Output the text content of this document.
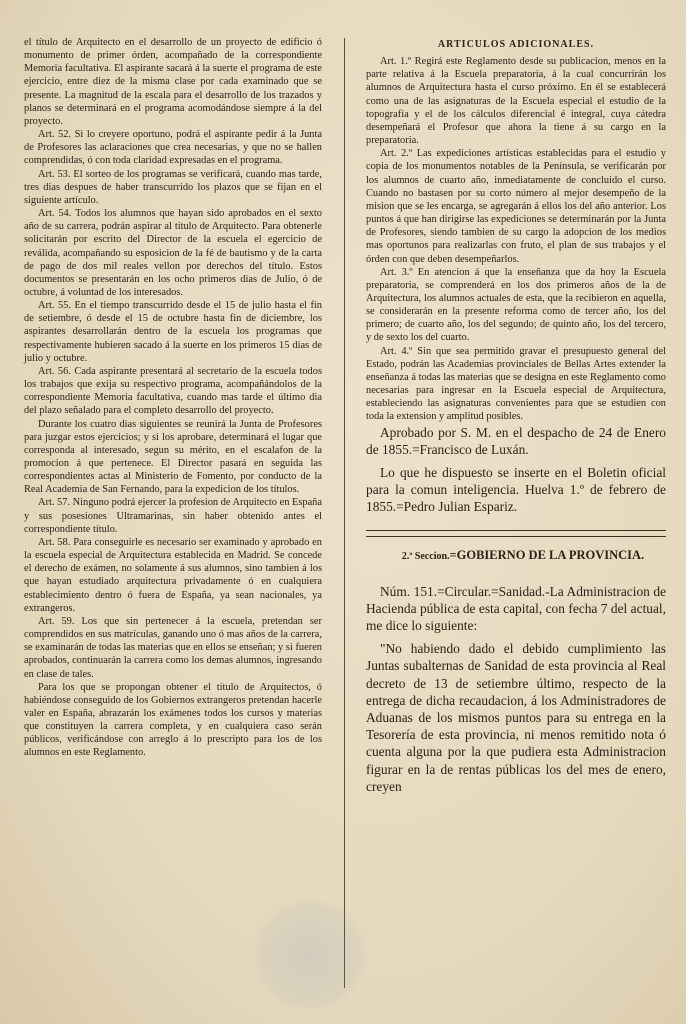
el título de Arquitecto en el desarrollo de un proyecto de edificio ó monumento de primer órden, acompañado de la correspondiente Memoria facultativa. El aspirante sacará á la suerte el programa de este ejercicio, entre diez de la misma clase por cada examinado que se presente. La magnitud de la escala para el desarrollo de los trazados y planos se determinará en el programa acomodándose siempre á la del proyecto.

Art. 52. Si lo creyere oportuno, podrá el aspirante pedir á la Junta de Profesores las aclaraciones que crea necesarias, y que no se hallen comprendidas, ó con toda claridad expresadas en el programa.

Art. 53. El sorteo de los programas se verificará, cuando mas tarde, tres dias despues de haber transcurrido los plazos que se fijan en el siguiente artículo.

Art. 54. Todos los alumnos que hayan sido aprobados en el sexto año de su carrera, podrán aspirar al título de Arquitecto. Para obtenerle solicitarán por escrito del Director de la escuela el egercicio de reválida, acompañando su esposicion de la fé de bautismo y de la carta de pago de dos mil reales vellon por derechos del título. Estos documentos se presentarán en los ocho primeros dias de Julio, ó de octubre, á voluntad de los interesados.

Art. 55. En el tiempo transcurrido desde el 15 de julio hasta el fin de setiembre, ó desde el 15 de octubre hasta fin de diciembre, los aspirantes desarrollarán dentro de la escuela los programas que respectivamente hubieren sacado á la suerte en los primeros 15 dias de julio y octubre.

Art. 56. Cada aspirante presentará al secretario de la escuela todos los trabajos que exija su respectivo programa, acompañándolos de la correspondiente Memoria facultativa, cuando mas tarde el último dia del plazo señalado para el completo desarrollo del proyecto.

Durante los cuatro dias siguientes se reunirá la Junta de Profesores para juzgar estos ejercicios; y si los aprobare, determinará el lugar que corresponda al interesado, segun su mérito, en el escalafon de la promocion á que pertenece. El Director pasará en seguida las correspondientes actas al Ministerio de Fomento, por conducto de la Real Academia de San Fernando, para la expedicion de los títulos.

Art. 57. Ninguno podrá ejercer la profesion de Arquitecto en España y sus posesiones Ultramarinas, sin haber obtenido antes el correspondiente título.

Art. 58. Para conseguirle es necesario ser examinado y aprobado en la escuela especial de Arquitectura establecida en Madrid. Se concede el derecho de exámen, no solamente á sus alumnos, sino tambien á los que hayan estudiado arquitectura privadamente ó en cualquiera establecimiento dentro ó fuera de España, ya sean nacionales, ya extrangeros.

Art. 59. Los que sin pertenecer á la escuela, pretendan ser comprendidos en sus matrículas, ganando uno ó mas años de la carrera, se examinarán de todas las materias que en ellos se enseñan; y si fueren aprobados, continuarán la carrera como los demas alumnos, ingresando en clase de tales.

Para los que se propongan obtener el título de Arquitectos, ó habiéndose conseguido de los Gobiernos extrangeros pretendan hacerle valer en España, abrazarán los exámenes todos los cursos y materias que constituyen la carrera completa, y en cualquiera caso serán públicos, verificándose con arreglo á lo prescripto para los de los alumnos en este Reglamento.

ARTICULOS ADICIONALES.

Art. 1.º Regirá este Reglamento desde su publicacion, menos en la parte relativa á la Escuela preparatoria, á la cual concurrirán los alumnos de Arquitectura hasta el curso próximo. En él se establecerá como una de las asignaturas de la Escuela especial el estudio de la topografía y el de los cálculos diferencial é integral, cuya cátedra desempeñará el Profesor que ahora la tiene á su cargo en la preparatoria.

Art. 2.º Las expediciones artísticas establecidas para el estudio y copia de los monumentos notables de la Península, se verificarán por los alumnos de cuarto año, inmediatamente de concluido el curso. Cuando no bastasen por su corto número al mejor desempeño de la mision que se les encarga, se agregarán á ellos los del año anterior. Los puntos á que han dirigirse las expediciones se determinarán por la Junta de Profesores, siendo tambien de su cargo la adopcion de los medios mas oportunos para realizarlas con fruto, el plan de sus trabajos y el órden con que deben desempeñarlos.

Art. 3.º En atencion á que la enseñanza que da hoy la Escuela preparatoria, se comprenderá en los dos primeros años de la de Arquitectura, los alumnos actuales de esta, que la recibieron en aquella, se considerarán en la presente reforma como de tercer año, los del primero; de cuarto año, los del segundo; de quinto año, los del tercero, y de sexto los del cuarto.

Art. 4.º Sin que sea permitido gravar el presupuesto general del Estado, podrán las Academias provinciales de Bellas Artes extender la enseñanza á todas las materias que se designa en este Reglamento como necesarias para ingresar en la Escuela especial de Arquitectura, estableciendo las asignaturas convenientes para que se estudien con toda la extension y amplitud posibles.

Aprobado por S. M. en el despacho de 24 de Enero de 1855.=Francisco de Luxán.

Lo que he dispuesto se inserte en el Boletin oficial para la comun inteligencia. Huelva 1.º de febrero de 1855.=Pedro Julian Espariz.

2.ª Seccion.=GOBIERNO DE LA PROVINCIA.

Núm. 151.=Circular.=Sanidad.-La Administracion de Hacienda pública de esta capital, con fecha 7 del actual, me dice lo siguiente:

"No habiendo dado el debido cumplimiento las Juntas subalternas de Sanidad de esta provincia al Real decreto de 13 de setiembre último, respecto de la entrega de dicha recaudacion, á los Administradores de Aduanas de los mismos puntos para su entrega en la Tesorería de esta provincia, ni menos remitido nota ó cuenta alguna por la que pudiera esta Administracion figurar en la de rentas públicas los del mes de enero, creyen
